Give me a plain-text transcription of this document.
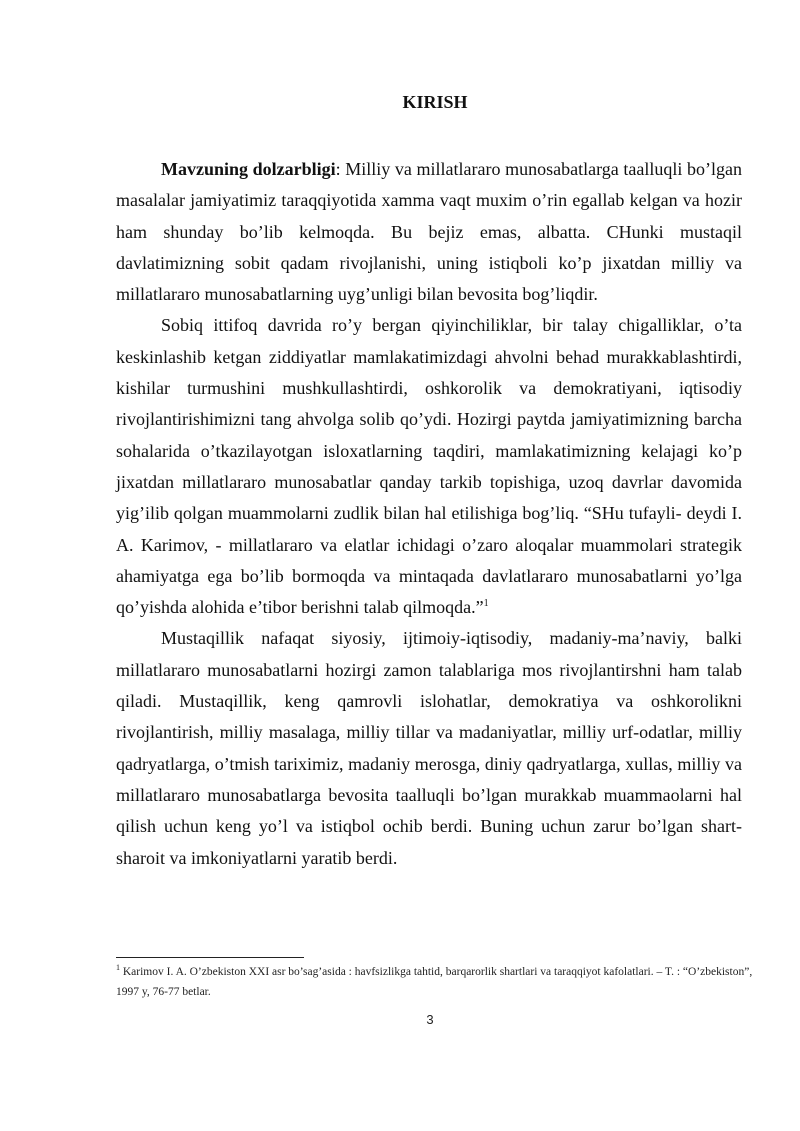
KIRISH

Mavzuning dolzarbligi: Milliy va millatlararo munosabatlarga taalluqli bo’lgan masalalar jamiyatimiz taraqqiyotida xamma vaqt muxim o’rin egallab kelgan va hozir ham shunday bo’lib kelmoqda. Bu bejiz emas, albatta. CHunki mustaqil davlatimizning sobit qadam rivojlanishi, uning istiqboli ko’p jixatdan milliy va millatlararo munosabatlarning uyg’unligi bilan bevosita bog’liqdir.

Sobiq ittifoq davrida ro’y bergan qiyinchiliklar, bir talay chigalliklar, o’ta keskinlashib ketgan ziddiyatlar mamlakatimizdagi ahvolni behad murakkablashtirdi, kishilar turmushini mushkullashtirdi, oshkorolik va demokratiyani, iqtisodiy rivojlantirishimizni tang ahvolga solib qo’ydi. Hozirgi paytda jamiyatimizning barcha sohalarida o’tkazilayotgan isloxatlarning taqdiri, mamlakatimizning kelajagi ko’p jixatdan millatlararo munosabatlar qanday tarkib topishiga, uzoq davrlar davomida yig’ilib qolgan muammolarni zudlik bilan hal etilishiga bog’liq. “SHu tufayli- deydi I. A. Karimov, - millatlararo va elatlar ichidagi o’zaro aloqalar muammolari strategik ahamiyatga ega bo’lib bormoqda va mintaqada davlatlararo munosabatlarni yo’lga qo’yishda alohida e’tibor berishni talab qilmoqda.”$^1$

Mustaqillik nafaqat siyosiy, ijtimoiy-iqtisodiy, madaniy-ma’naviy, balki millatlararo munosabatlarni hozirgi zamon talablariga mos rivojlantirshni ham talab qiladi. Mustaqillik, keng qamrovli islohatlar, demokratiya va oshkorolikni rivojlantirish, milliy masalaga, milliy tillar va madaniyatlar, milliy urf-odatlar, milliy qadryatlarga, o’tmish tariximiz, madaniy merosga, diniy qadryatlarga, xullas, milliy va millatlararo munosabatlarga bevosita taalluqli bo’lgan murakkab muammaolarni hal qilish uchun keng yo’l va istiqbol ochib berdi. Buning uchun zarur bo’lgan shart-sharoit va imkoniyatlarni yaratib berdi.

$^1$ Karimov I. A. O’zbekiston XXI asr bo’sag’asida : havfsizlikga tahtid, barqarorlik shartlari va taraqqiyot kafolatlari. – T. : “O’zbekiston”, 1997 y, 76-77 betlar.
3
